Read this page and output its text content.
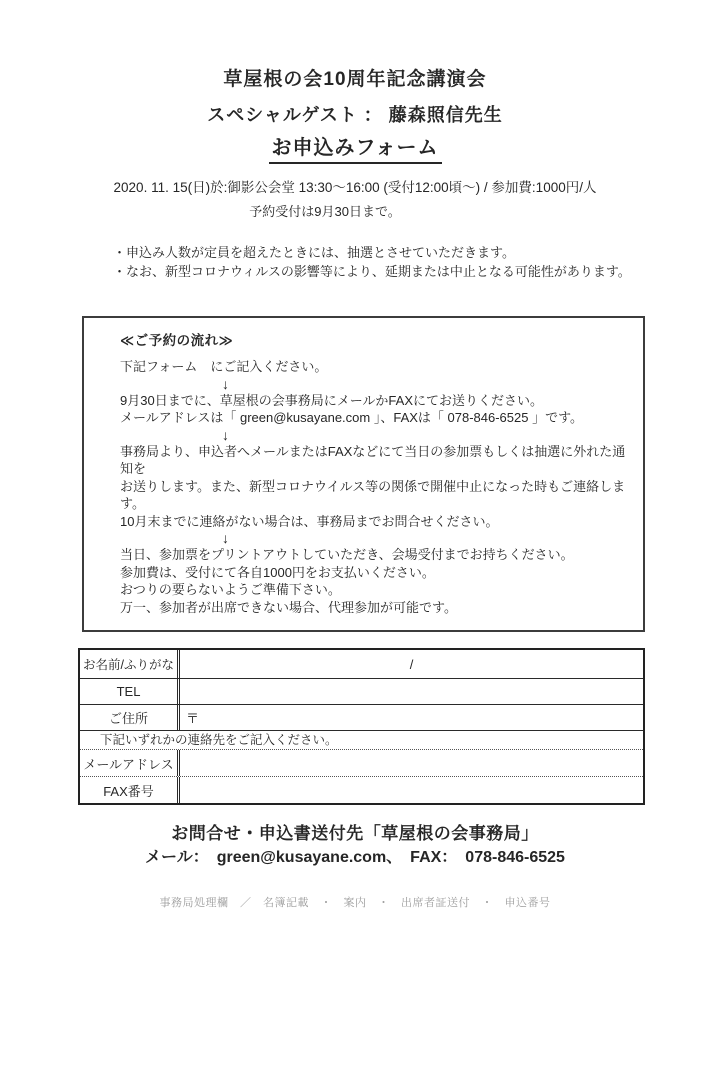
草屋根の会10周年記念講演会
スペシャルゲスト ： 藤森照信先生
お申込みフォーム
2020. 11. 15(日)於:御影公会堂 13:30～16:00 (受付12:00頃～) / 参加費:1000円/人
予約受付は9月30日まで。
・申込み人数が定員を超えたときには、抽選とさせていただきます。
・なお、新型コロナウィルスの影響等により、延期または中止となる可能性があります。
≪ご予約の流れ≫
下記フォーム　にご記入ください。
↓
9月30日までに、草屋根の会事務局にメールかFAXにてお送りください。
メールアドレスは「 green@kusayane.com 」、FAXは「 078-846-6525 」です。
↓
事務局より、申込者へメールまたはFAXなどにて当日の参加票もしくは抽選に外れた通知を
お送りします。また、新型コロナウイルス等の関係で開催中止になった時もご連絡します。
10月末までに連絡がない場合は、事務局までお問合せください。
↓
当日、参加票をプリントアウトしていただき、会場受付までお持ちください。
参加費は、受付にて各自1000円をお支払いください。
おつりの要らないようご準備下さい。
万一、参加者が出席できない場合、代理参加が可能です。
お名前/ふりがな	/
TEL
ご住所	〒
下記いずれかの連絡先をご記入ください。
メールアドレス
FAX番号
お問合せ・申込書送付先「草屋根の会事務局」
メール：　green@kusayane.com、　FAX：　078-846-6525
事務局処理欄　／　名簿記載　・　案内　・　出席者証送付　・　申込番号
